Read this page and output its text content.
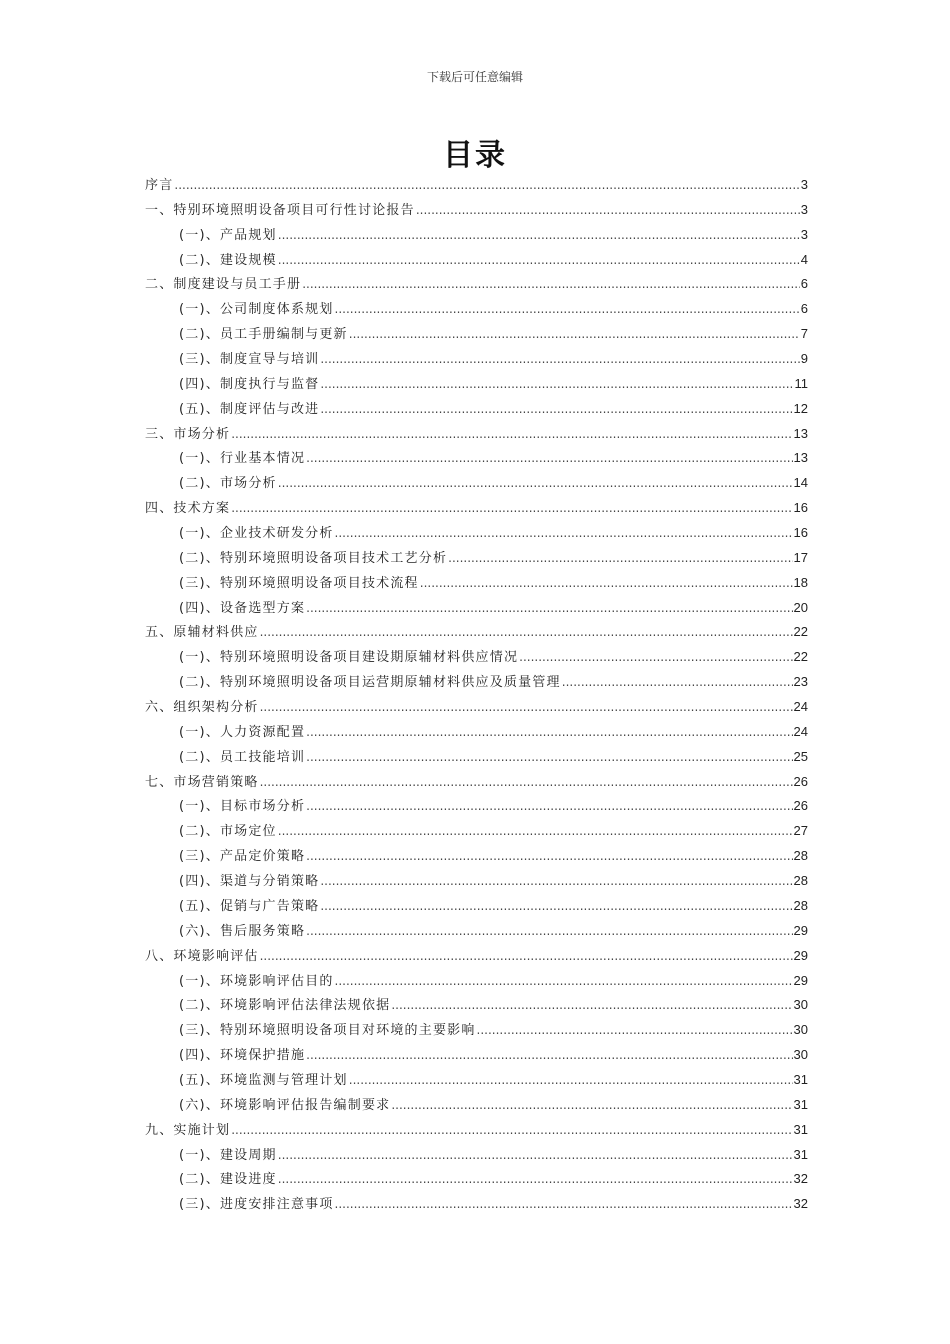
下载后可任意编辑
目录
序言 .....	3
一、特别环境照明设备项目可行性讨论报告 .....	3
(一)、产品规划 .....	3
(二)、建设规模 .....	4
二、制度建设与员工手册 .....	6
(一)、公司制度体系规划 .....	6
(二)、员工手册编制与更新 .....	7
(三)、制度宣导与培训 .....	9
(四)、制度执行与监督 .....	11
(五)、制度评估与改进 .....	12
三、市场分析 .....	13
(一)、行业基本情况 .....	13
(二)、市场分析 .....	14
四、技术方案 .....	16
(一)、企业技术研发分析 .....	16
(二)、特别环境照明设备项目技术工艺分析 .....	17
(三)、特别环境照明设备项目技术流程 .....	18
(四)、设备选型方案 .....	20
五、原辅材料供应 .....	22
(一)、特别环境照明设备项目建设期原辅材料供应情况 .....	22
(二)、特别环境照明设备项目运营期原辅材料供应及质量管理 .....	23
六、组织架构分析 .....	24
(一)、人力资源配置 .....	24
(二)、员工技能培训 .....	25
七、市场营销策略 .....	26
(一)、目标市场分析 .....	26
(二)、市场定位 .....	27
(三)、产品定价策略 .....	28
(四)、渠道与分销策略 .....	28
(五)、促销与广告策略 .....	28
(六)、售后服务策略 .....	29
八、环境影响评估 .....	29
(一)、环境影响评估目的 .....	29
(二)、环境影响评估法律法规依据 .....	30
(三)、特别环境照明设备项目对环境的主要影响 .....	30
(四)、环境保护措施 .....	30
(五)、环境监测与管理计划 .....	31
(六)、环境影响评估报告编制要求 .....	31
九、实施计划 .....	31
(一)、建设周期 .....	31
(二)、建设进度 .....	32
(三)、进度安排注意事项 .....	32
